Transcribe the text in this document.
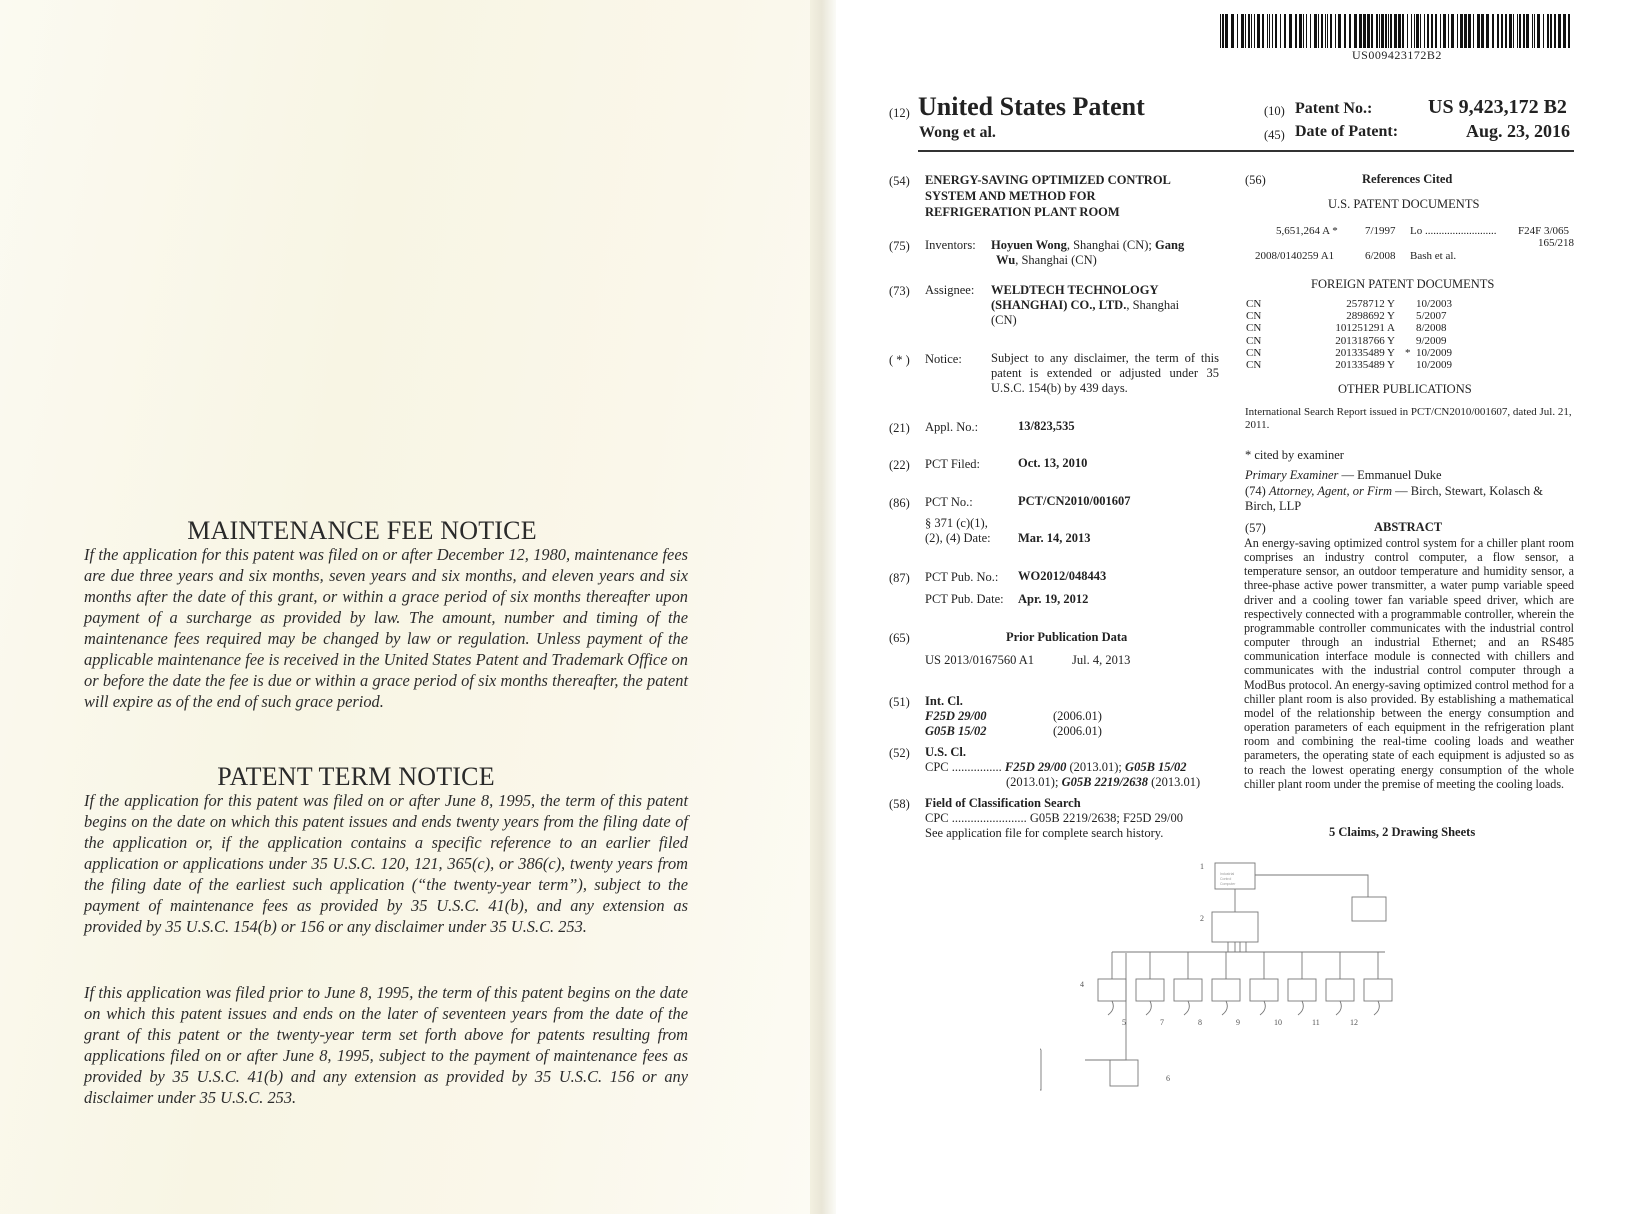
MAINTENANCE FEE NOTICE
If the application for this patent was filed on or after December 12, 1980, maintenance fees are due three years and six months, seven years and six months, and eleven years and six months after the date of this grant, or within a grace period of six months thereafter upon payment of a surcharge as provided by law. The amount, number and timing of the maintenance fees required may be changed by law or regulation. Unless payment of the applicable maintenance fee is received in the United States Patent and Trademark Office on or before the date the fee is due or within a grace period of six months thereafter, the patent will expire as of the end of such grace period.
PATENT TERM NOTICE
If the application for this patent was filed on or after June 8, 1995, the term of this patent begins on the date on which this patent issues and ends twenty years from the filing date of the application or, if the application contains a specific reference to an earlier filed application or applications under 35 U.S.C. 120, 121, 365(c), or 386(c), twenty years from the filing date of the earliest such application (“the twenty-year term”), subject to the payment of maintenance fees as provided by 35 U.S.C. 41(b), and any extension as provided by 35 U.S.C. 154(b) or 156 or any disclaimer under 35 U.S.C. 253.
If this application was filed prior to June 8, 1995, the term of this patent begins on the date on which this patent issues and ends on the later of seventeen years from the date of the grant of this patent or the twenty-year term set forth above for patents resulting from applications filed on or after June 8, 1995, subject to the payment of maintenance fees as provided by 35 U.S.C. 41(b) and any extension as provided by 35 U.S.C. 156 or any disclaimer under 35 U.S.C. 253.
US009423172B2
(12) United States Patent
Wong et al.
(10) Patent No.:	US 9,423,172 B2
(45) Date of Patent:	Aug. 23, 2016
(54) ENERGY-SAVING OPTIMIZED CONTROL
SYSTEM AND METHOD FOR
REFRIGERATION PLANT ROOM
(75) Inventors: Hoyuen Wong, Shanghai (CN); Gang
Wu, Shanghai (CN)
(73) Assignee: WELDTECH TECHNOLOGY
(SHANGHAI) CO., LTD., Shanghai
(CN)
( * ) Notice: Subject to any disclaimer, the term of this patent is extended or adjusted under 35 U.S.C. 154(b) by 439 days.
(21) Appl. No.:	13/823,535
(22) PCT Filed:	Oct. 13, 2010
(86) PCT No.:	PCT/CN2010/001607
§ 371 (c)(1),
(2), (4) Date: Mar. 14, 2013
(87) PCT Pub. No.: WO2012/048443
PCT Pub. Date: Apr. 19, 2012
(65)	Prior Publication Data
US 2013/0167560 A1	Jul. 4, 2013
(51) Int. Cl.
F25D 29/00	(2006.01)
G05B 15/02	(2006.01)
(52) U.S. Cl.
CPC ................ F25D 29/00 (2013.01); G05B 15/02
(2013.01); G05B 2219/2638 (2013.01)
(58) Field of Classification Search
CPC ........................ G05B 2219/2638; F25D 29/00
See application file for complete search history.
(56)	References Cited
U.S. PATENT DOCUMENTS
5,651,264 A * 7/1997 Lo .......................... F24F 3/065
165/218
2008/0140259 A1	6/2008 Bash et al.
FOREIGN PATENT DOCUMENTS
CN	2578712 Y 10/2003
CN	2898692 Y 5/2007
CN	101251291 A 8/2008
CN	201318766 Y 9/2009
CN	201335489 Y * 10/2009
CN	201335489 Y 10/2009
OTHER PUBLICATIONS
International Search Report issued in PCT/CN2010/001607, dated Jul. 21, 2011.
* cited by examiner
Primary Examiner — Emmanuel Duke
(74) Attorney, Agent, or Firm — Birch, Stewart, Kolasch & Birch, LLP
(57)	ABSTRACT
An energy-saving optimized control system for a chiller plant room comprises an industry control computer, a flow sensor, a temperature sensor, an outdoor temperature and humidity sensor, a three-phase active power transmitter, a water pump variable speed driver and a cooling tower fan variable speed driver, which are respectively connected with a programmable controller, wherein the programmable controller communicates with the industrial control computer through an industrial Ethernet; and an RS485 communication interface module is connected with chillers and communicates with the industrial control computer through a ModBus protocol. An energy-saving optimized control method for a chiller plant room is also provided. By establishing a mathematical model of the relationship between the energy consumption and operation parameters of each equipment in the refrigeration plant room and combining the real-time cooling loads and weather parameters, the operating state of each equipment is adjusted so as to reach the lowest operating energy consumption of the whole chiller plant room under the premise of meeting the cooling loads.
5 Claims, 2 Drawing Sheets
1
2
4
5
6
7	8	9	10	11	12
Industrial
Control
Computer
